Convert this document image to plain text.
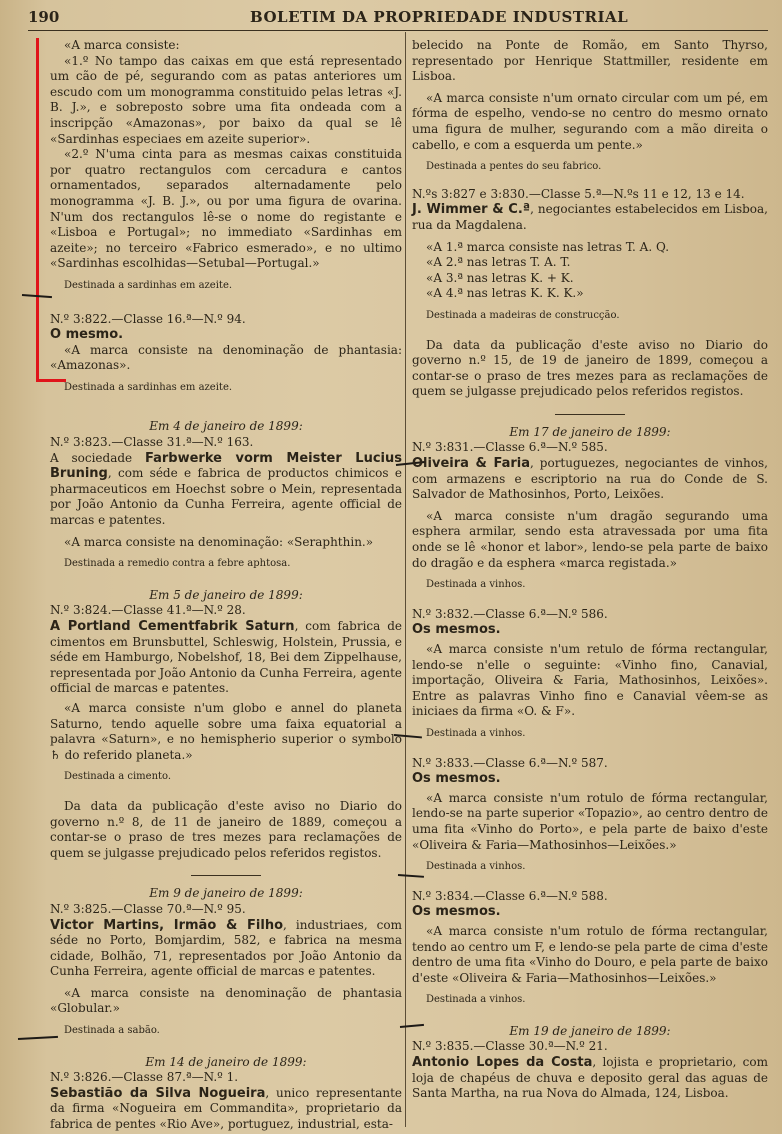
190	BOLETIM DA PROPRIEDADE INDUSTRIAL

«A marca consiste:

«1.º No tampo das caixas em que está representado um cão de pé, segurando com as patas anteriores um escudo com um monogramma constituido pelas letras «J. B. J.», e sobreposto sobre uma fita ondeada com a inscripção «Amazonas», por baixo da qual se lê «Sardinhas especiaes em azeite superior».

«2.º N'uma cinta para as mesmas caixas constituida por quatro rectangulos com cercadura e cantos ornamentados, separados alternadamente pelo monogramma «J. B. J.», ou por uma figura de ovarina. N'um dos rectangulos lê-se o nome do registante e «Lisboa e Portugal»; no immediato «Sardinhas em azeite»; no terceiro «Fabrico esmerado», e no ultimo «Sardinhas escolhidas—Setubal—Portugal.»

Destinada a sardinhas em azeite.

N.º 3:822.—Classe 16.ª—N.º 94.

O mesmo.

«A marca consiste na denominação de phantasia: «Amazonas».

Destinada a sardinhas em azeite.

Em 4 de janeiro de 1899:

N.º 3:823.—Classe 31.ª—N.º 163.

A sociedade Farbwerke vorm Meister Lucius Bruning, com séde e fabrica de productos chimicos e pharmaceuticos em Hoechst sobre o Mein, representada por João Antonio da Cunha Ferreira, agente official de marcas e patentes.

«A marca consiste na denominação: «Seraphthin.»

Destinada a remedio contra a febre aphtosa.

Em 5 de janeiro de 1899:

N.º 3:824.—Classe 41.ª—N.º 28.

A Portland Cementfabrik Saturn, com fabrica de cimentos em Brunsbuttel, Schleswig, Holstein, Prussia, e séde em Hamburgo, Nobelshof, 18, Bei dem Zippelhause, representada por João Antonio da Cunha Ferreira, agente official de marcas e patentes.

«A marca consiste n'um globo e annel do planeta Saturno, tendo aquelle sobre uma faixa equatorial a palavra «Saturn», e no hemispherio superior o symbolo ♄ do referido planeta.»

Destinada a cimento.

Da data da publicação d'este aviso no Diario do governo n.º 8, de 11 de janeiro de 1889, começou a contar-se o praso de tres mezes para reclamações de quem se julgasse prejudicado pelos referidos registos.

Em 9 de janeiro de 1899:

N.º 3:825.—Classe 70.ª—N.º 95.

Victor Martins, Irmão & Filho, industriaes, com séde no Porto, Bomjardim, 582, e fabrica na mesma cidade, Bolhão, 71, representados por João Antonio da Cunha Ferreira, agente official de marcas e patentes.

«A marca consiste na denominação de phantasia «Globular.»

Destinada a sabão.

Em 14 de janeiro de 1899:

N.º 3:826.—Classe 87.ª—N.º 1.

Sebastião da Silva Nogueira, unico representante da firma «Nogueira em Commandita», proprietario da fabrica de pentes «Rio Ave», portuguez, industrial, esta-

belecido na Ponte de Romão, em Santo Thyrso, representado por Henrique Stattmiller, residente em Lisboa.

«A marca consiste n'um ornato circular com um pé, em fórma de espelho, vendo-se no centro do mesmo ornato uma figura de mulher, segurando com a mão direita o cabello, e com a esquerda um pente.»

Destinada a pentes do seu fabrico.

N.ºs 3:827 e 3:830.—Classe 5.ª—N.ºs 11 e 12, 13 e 14.

J. Wimmer & C.ª, negociantes estabelecidos em Lisboa, rua da Magdalena.

«A 1.ª marca consiste nas letras T. A. Q.

«A 2.ª nas letras T. A. T.

«A 3.ª nas letras K. + K.

«A 4.ª nas letras K. K. K.»

Destinada a madeiras de construcção.

Da data da publicação d'este aviso no Diario do governo n.º 15, de 19 de janeiro de 1899, começou a contar-se o praso de tres mezes para as reclamações de quem se julgasse prejudicado pelos referidos registos.

Em 17 de janeiro de 1899:

N.º 3:831.—Classe 6.ª—N.º 585.

Oliveira & Faria, portuguezes, negociantes de vinhos, com armazens e escriptorio na rua do Conde de S. Salvador de Mathosinhos, Porto, Leixões.

«A marca consiste n'um dragão segurando uma esphera armilar, sendo esta atravessada por uma fita onde se lê «honor et labor», lendo-se pela parte de baixo do dragão e da esphera «marca registada.»

Destinada a vinhos.

N.º 3:832.—Classe 6.ª—N.º 586.

Os mesmos.

«A marca consiste n'um retulo de fórma rectangular, lendo-se n'elle o seguinte: «Vinho fino, Canavial, importação, Oliveira & Faria, Mathosinhos, Leixões». Entre as palavras Vinho fino e Canavial vêem-se as iniciaes da firma «O. & F».

Destinada a vinhos.

N.º 3:833.—Classe 6.ª—N.º 587.

Os mesmos.

«A marca consiste n'um rotulo de fórma rectangular, lendo-se na parte superior «Topazio», ao centro dentro de uma fita «Vinho do Porto», e pela parte de baixo d'este «Oliveira & Faria—Mathosinhos—Leixões.»

Destinada a vinhos.

N.º 3:834.—Classe 6.ª—N.º 588.

Os mesmos.

«A marca consiste n'um rotulo de fórma rectangular, tendo ao centro um F, e lendo-se pela parte de cima d'este dentro de uma fita «Vinho do Douro, e pela parte de baixo d'este «Oliveira & Faria—Mathosinhos—Leixões.»

Destinada a vinhos.

Em 19 de janeiro de 1899:

N.º 3:835.—Classe 30.ª—N.º 21.

Antonio Lopes da Costa, lojista e proprietario, com loja de chapéus de chuva e deposito geral das aguas de Santa Martha, na rua Nova do Almada, 124, Lisboa.
